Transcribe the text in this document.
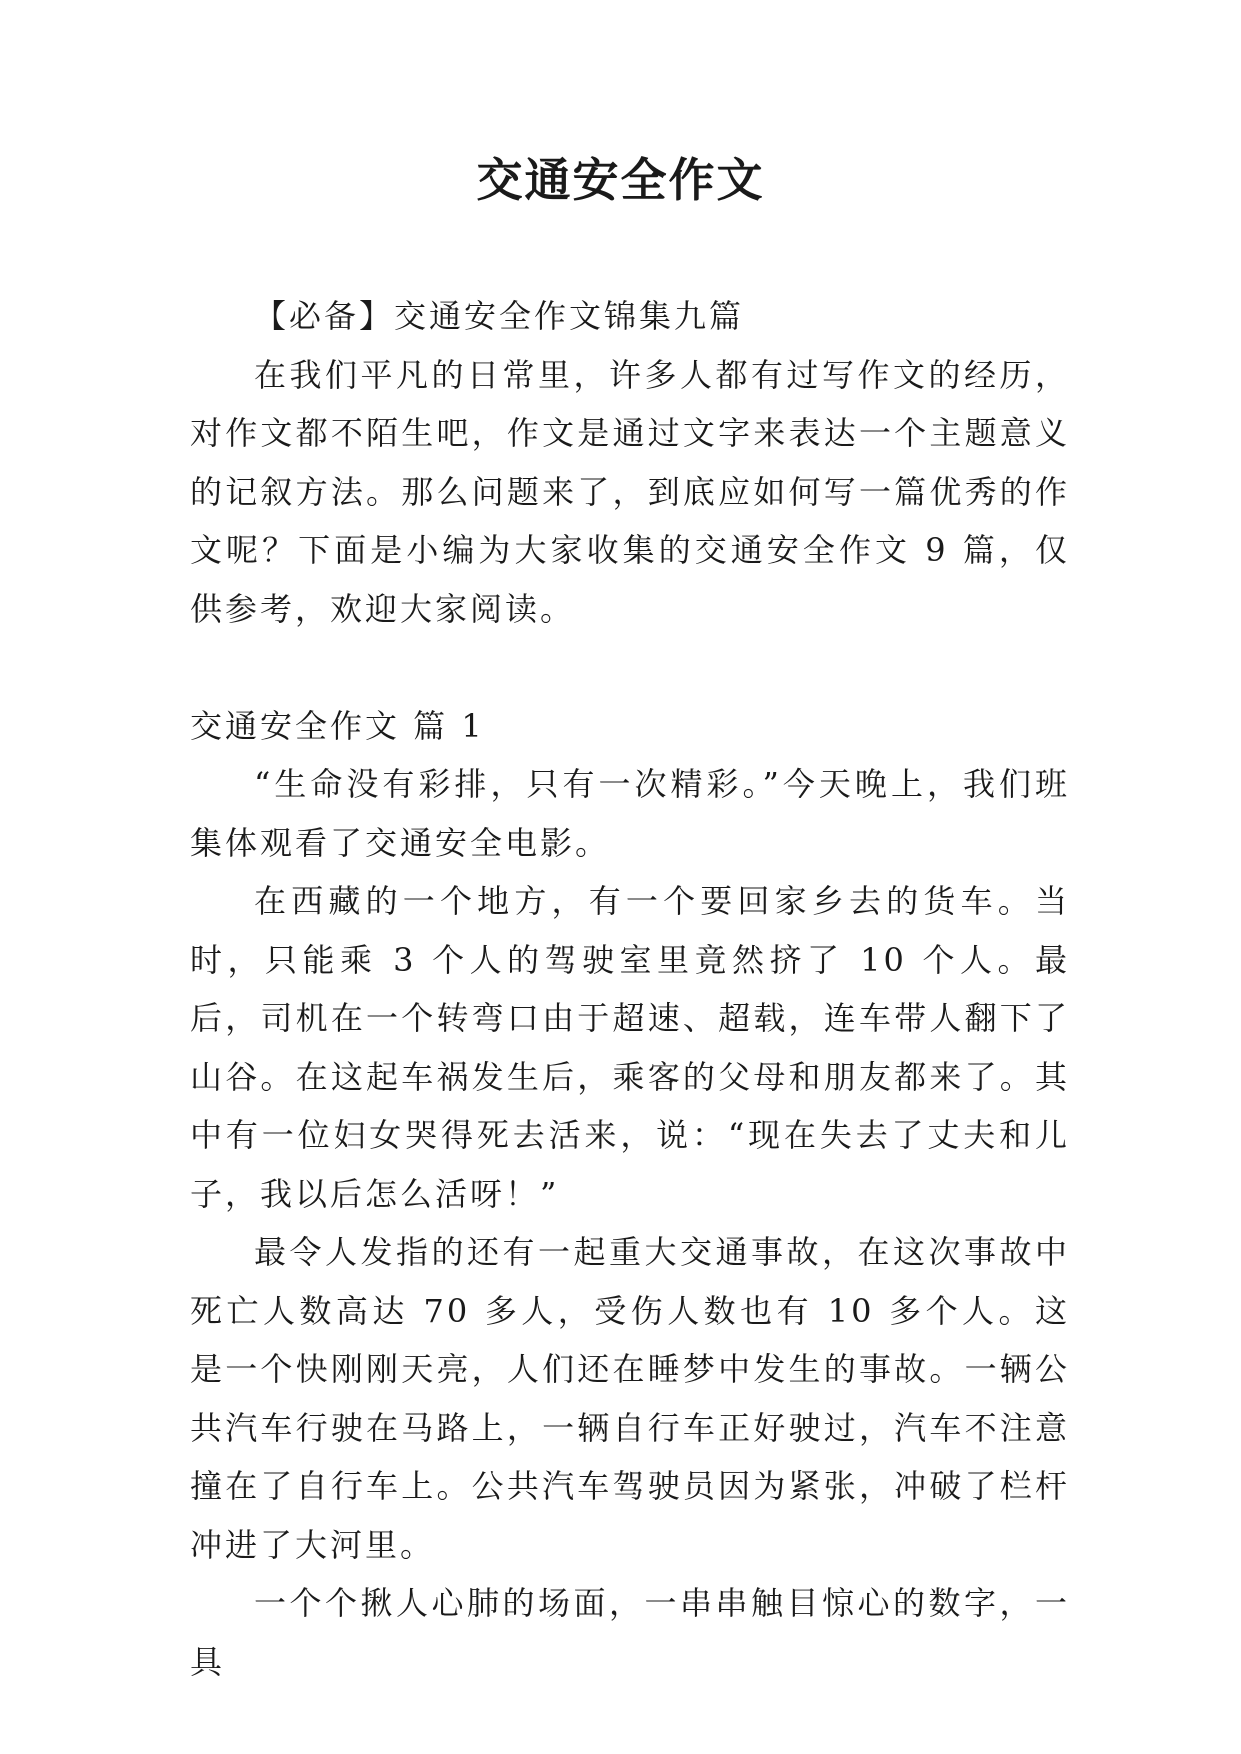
交通安全作文

【必备】交通安全作文锦集九篇

在我们平凡的日常里，许多人都有过写作文的经历，对作文都不陌生吧，作文是通过文字来表达一个主题意义的记叙方法。那么问题来了，到底应如何写一篇优秀的作文呢？下面是小编为大家收集的交通安全作文 9 篇，仅供参考，欢迎大家阅读。

交通安全作文 篇 1

“生命没有彩排，只有一次精彩。”今天晚上，我们班集体观看了交通安全电影。

在西藏的一个地方，有一个要回家乡去的货车。当时，只能乘 3 个人的驾驶室里竟然挤了 10 个人。最后，司机在一个转弯口由于超速、超载，连车带人翻下了山谷。在这起车祸发生后，乘客的父母和朋友都来了。其中有一位妇女哭得死去活来，说：“现在失去了丈夫和儿子，我以后怎么活呀！”

最令人发指的还有一起重大交通事故，在这次事故中死亡人数高达 70 多人，受伤人数也有 10 多个人。这是一个快刚刚天亮，人们还在睡梦中发生的事故。一辆公共汽车行驶在马路上，一辆自行车正好驶过，汽车不注意撞在了自行车上。公共汽车驾驶员因为紧张，冲破了栏杆冲进了大河里。

一个个揪人心肺的场面，一串串触目惊心的数字，一具
